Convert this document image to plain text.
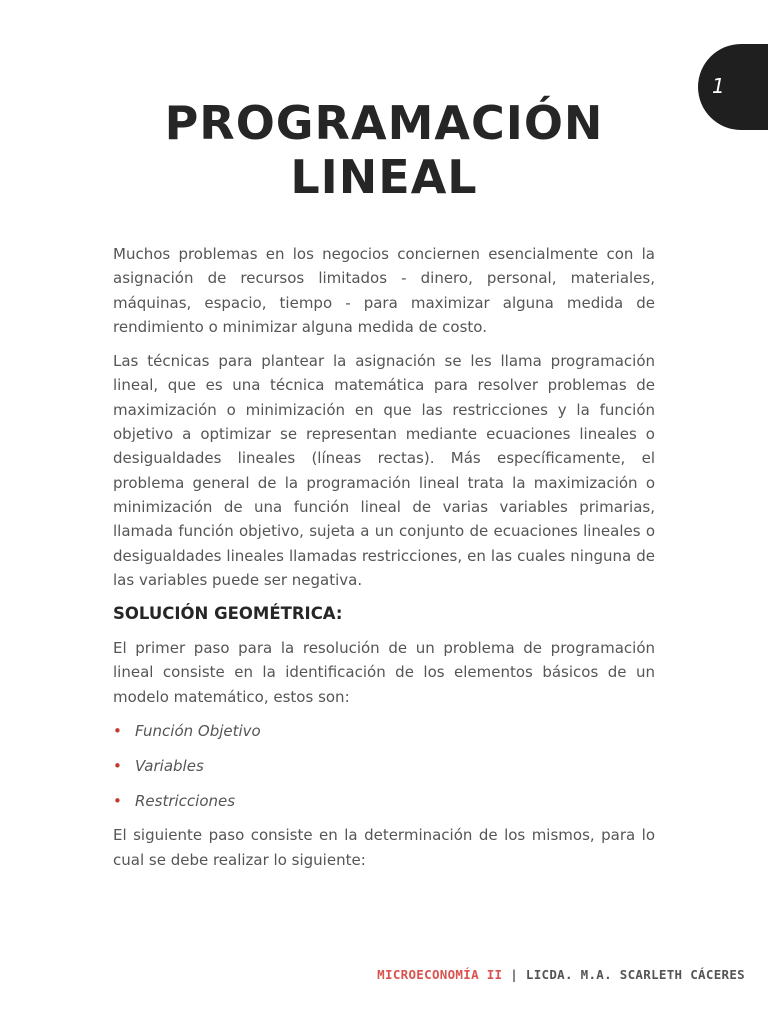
1
PROGRAMACIÓN
LINEAL

Muchos problemas en los negocios conciernen esencialmente con la asignación de recursos limitados - dinero, personal, materiales, máquinas, espacio, tiempo - para maximizar alguna medida de rendimiento o minimizar alguna medida de costo.

Las técnicas para plantear la asignación se les llama programación lineal, que es una técnica matemática para resolver problemas de maximización o minimización en que las restricciones y la función objetivo a optimizar se representan mediante ecuaciones lineales o desigualdades lineales (líneas rectas). Más específicamente, el problema general de la programación lineal trata la maximización o minimización de una función lineal de varias variables primarias, llamada función objetivo, sujeta a un conjunto de ecuaciones lineales o desigualdades lineales llamadas restricciones, en las cuales ninguna de las variables puede ser negativa.

SOLUCIÓN GEOMÉTRICA:

El primer paso para la resolución de un problema de programación lineal consiste en la identificación de los elementos básicos de un modelo matemático, estos son:

• Función Objetivo
• Variables
• Restricciones

El siguiente paso consiste en la determinación de los mismos, para lo cual se debe realizar lo siguiente:

MICROECONOMÍA II | LICDA. M.A. SCARLETH CÁCERES
